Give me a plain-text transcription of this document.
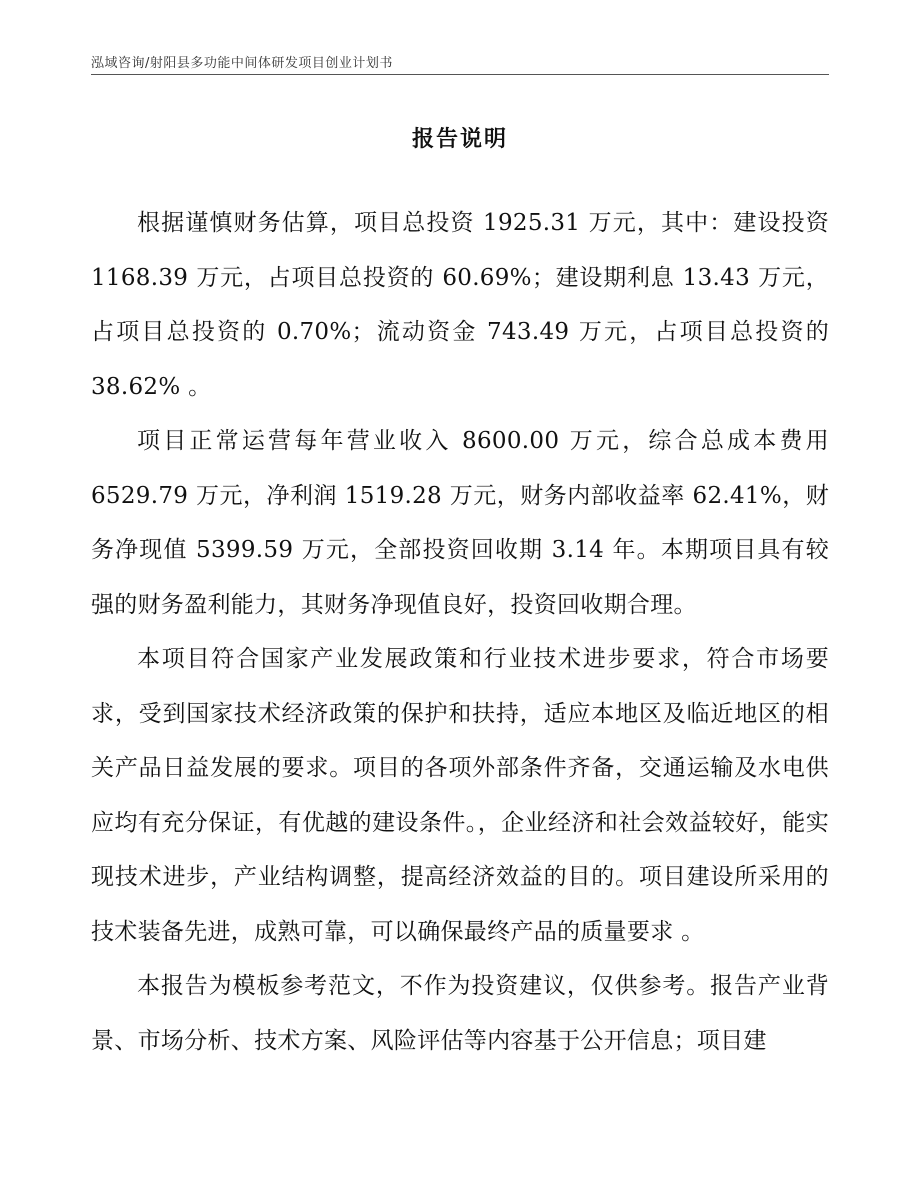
泓域咨询/射阳县多功能中间体研发项目创业计划书
报告说明

根据谨慎财务估算，项目总投资 1925.31 万元，其中：建设投资 1168.39 万元，占项目总投资的 60.69%；建设期利息 13.43 万元，占项目总投资的 0.70%；流动资金 743.49 万元，占项目总投资的 38.62% 。

项目正常运营每年营业收入 8600.00 万元，综合总成本费用 6529.79 万元，净利润 1519.28 万元，财务内部收益率 62.41%，财务净现值 5399.59 万元，全部投资回收期 3.14 年。本期项目具有较强的财务盈利能力，其财务净现值良好，投资回收期合理。

本项目符合国家产业发展政策和行业技术进步要求，符合市场要求，受到国家技术经济政策的保护和扶持，适应本地区及临近地区的相关产品日益发展的要求。项目的各项外部条件齐备，交通运输及水电供应均有充分保证，有优越的建设条件。，企业经济和社会效益较好，能实现技术进步，产业结构调整，提高经济效益的目的。项目建设所采用的技术装备先进，成熟可靠，可以确保最终产品的质量要求 。

本报告为模板参考范文，不作为投资建议，仅供参考。报告产业背景、市场分析、技术方案、风险评估等内容基于公开信息；项目建
